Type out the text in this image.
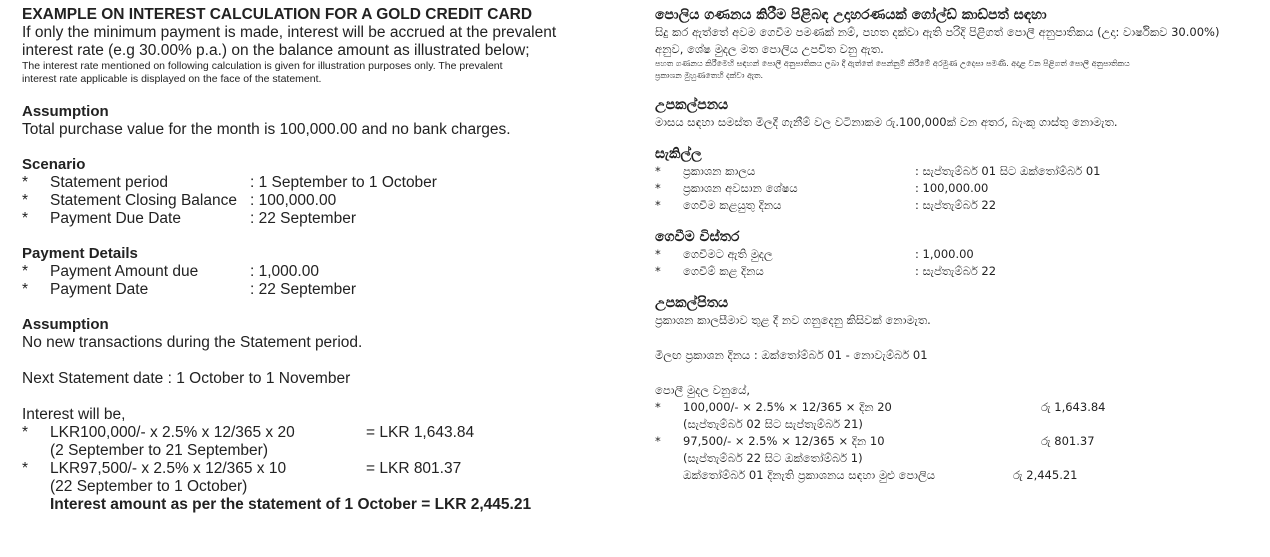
EXAMPLE ON INTEREST CALCULATION FOR A GOLD CREDIT CARD
If only the minimum payment is made, interest will be accrued at the prevalent
interest rate (e.g 30.00% p.a.) on the balance amount as illustrated below;
The interest rate mentioned on following calculation is given for illustration purposes only. The prevalent
interest rate applicable is displayed on the face of the statement.
Assumption
Total purchase value for the month is 100,000.00 and no bank charges.
Scenario
*	Statement period	: 1 September to 1 October
*	Statement Closing Balance : 100,000.00
*	Payment Due Date	: 22 September
Payment Details
*	Payment Amount due	: 1,000.00
*	Payment Date	: 22 September
Assumption
No new transactions during the Statement period.
Next Statement date : 1 October to 1 November
Interest will be,
*	LKR100,000/- x 2.5% x 12/365 x 20	= LKR 1,643.84
(2 September to 21 September)
*	LKR97,500/- x 2.5% x 12/365 x 10	= LKR 801.37
(22 September to 1 October)
Interest amount as per the statement of 1 October = LKR 2,445.21
පොලිය ගණනය කිරීම පිළිබඳ උදාහරණයක් ගෝල්ඩ් කාඩ්පත් සඳහා
සිදු කර ඇත්තේ අවම ගෙවීම පමණක් නම්, පහත දක්වා ඇති පරිදි පිළිගත් පොලී අනුපාතිකය (උදා: වාර්ෂිකව 30.00%)
අනුව, ශේෂ මුදල මත පොලිය උපචිත වනු ඇත.
පහත ගණනය කිරීමෙහි සඳහන් පොලී අනුපාතිකය ලබා දී ඇත්තේ පෙන්නුම් කිරීමේ අරමුණ උදෙසා පමණි. අදාළ වන පිළිගත් පොලී අනුපාතිකය
ප්‍රකාශන මුහුණතෙහි දක්වා ඇත.
උපකල්පනය
මාසය සඳහා සමස්ත මිලදී ගැනීම් වල වටිනාකම රු.100,000ක් වන අතර, බැංකු ගාස්තු නොමැත.
සැකිල්ල
*	ප්‍රකාශන කාලය	: සැප්තැම්බර් 01 සිට ඔක්තෝම්බර් 01
*	ප්‍රකාශන අවසාන ශේෂය	: 100,000.00
*	ගෙවීම කළයුතු දිනය	: සැප්තැම්බර් 22
ගෙවීම විස්තර
*	ගෙවීමට ඇති මුදල	: 1,000.00
*	ගෙවීම් කළ දිනය	: සැප්තැම්බර් 22
උපකල්පිතය
ප්‍රකාශන කාලසීමාව තුළ දී නව ගනුදෙනු කිසිවක් නොමැත.
මීලඟ ප්‍රකාශන දිනය : ඔක්තෝම්බර් 01 - නොවැම්බර් 01
පොලී මුදල වනුයේ,
*	100,000/- × 2.5% × 12/365 × දින 20	රු 1,643.84
(සැප්තැම්බර් 02 සිට සැප්තැම්බර් 21)
*	97,500/- × 2.5% × 12/365 × දින 10	රු 801.37
(සැප්තැම්බර් 22 සිට ඔක්තෝම්බර් 1)
ඔක්තෝම්බර් 01 දිනැති ප්‍රකාශනය සඳහා මුළු පොලිය	රු 2,445.21
